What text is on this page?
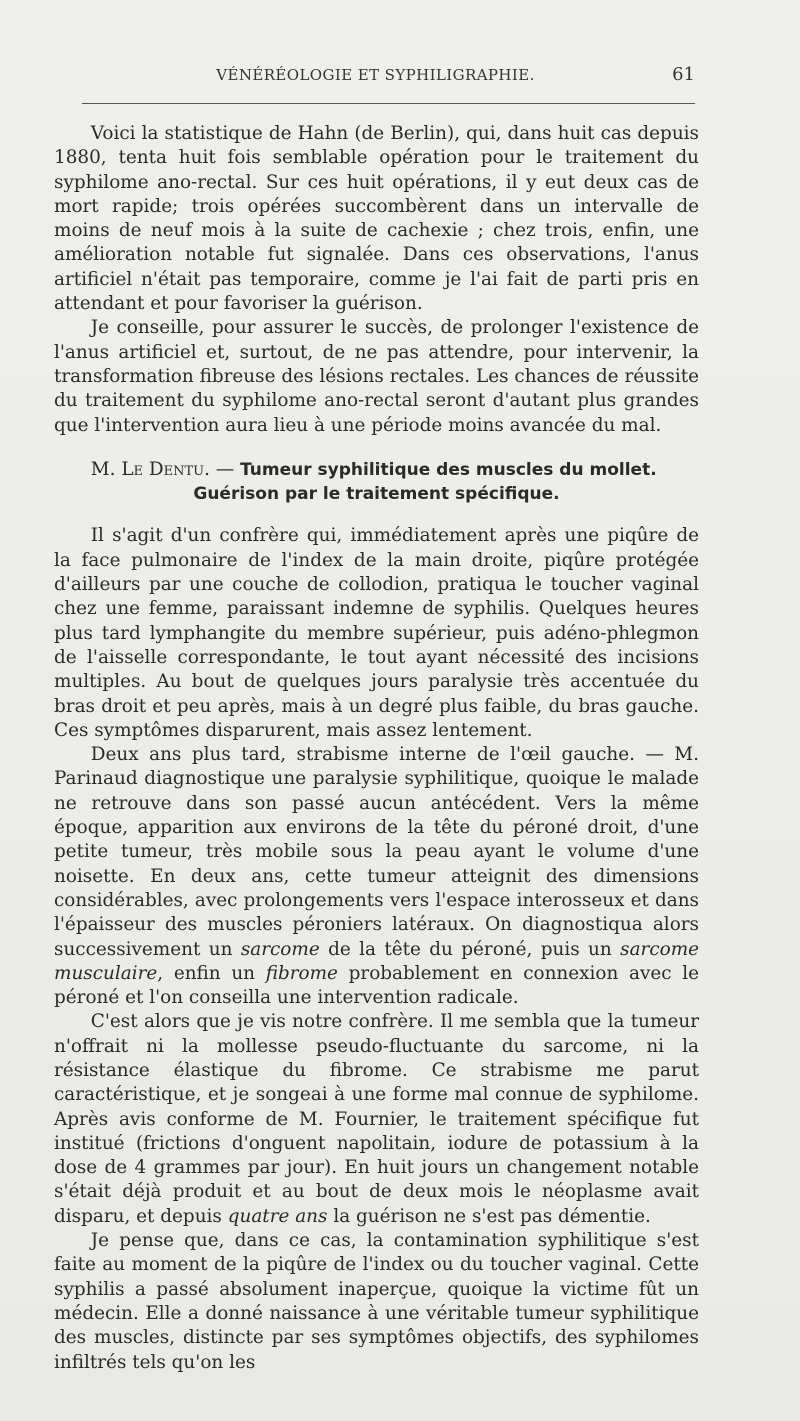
VÉNÉRÉOLOGIE ET SYPHILIGRAPHIE.	61

Voici la statistique de Hahn (de Berlin), qui, dans huit cas depuis 1880, tenta huit fois semblable opération pour le traitement du syphilome ano-rectal. Sur ces huit opérations, il y eut deux cas de mort rapide; trois opérées succombèrent dans un intervalle de moins de neuf mois à la suite de cachexie ; chez trois, enfin, une amélioration notable fut signalée. Dans ces observations, l'anus artificiel n'était pas temporaire, comme je l'ai fait de parti pris en attendant et pour favoriser la guérison.

Je conseille, pour assurer le succès, de prolonger l'existence de l'anus artificiel et, surtout, de ne pas attendre, pour intervenir, la transformation fibreuse des lésions rectales. Les chances de réussite du traitement du syphilome ano-rectal seront d'autant plus grandes que l'intervention aura lieu à une période moins avancée du mal.

M. Le Dentu. — Tumeur syphilitique des muscles du mollet.
Guérison par le traitement spécifique.

Il s'agit d'un confrère qui, immédiatement après une piqûre de la face pulmonaire de l'index de la main droite, piqûre protégée d'ailleurs par une couche de collodion, pratiqua le toucher vaginal chez une femme, paraissant indemne de syphilis. Quelques heures plus tard lymphangite du membre supérieur, puis adéno-phlegmon de l'aisselle correspondante, le tout ayant nécessité des incisions multiples. Au bout de quelques jours paralysie très accentuée du bras droit et peu après, mais à un degré plus faible, du bras gauche. Ces symptômes disparurent, mais assez lentement.

Deux ans plus tard, strabisme interne de l'œil gauche. — M. Parinaud diagnostique une paralysie syphilitique, quoique le malade ne retrouve dans son passé aucun antécédent. Vers la même époque, apparition aux environs de la tête du péroné droit, d'une petite tumeur, très mobile sous la peau ayant le volume d'une noisette. En deux ans, cette tumeur atteignit des dimensions considérables, avec prolongements vers l'espace interosseux et dans l'épaisseur des muscles péroniers latéraux. On diagnostiqua alors successivement un sarcome de la tête du péroné, puis un sarcome musculaire, enfin un fibrome probablement en connexion avec le péroné et l'on conseilla une intervention radicale.

C'est alors que je vis notre confrère. Il me sembla que la tumeur n'offrait ni la mollesse pseudo-fluctuante du sarcome, ni la résistance élastique du fibrome. Ce strabisme me parut caractéristique, et je songeai à une forme mal connue de syphilome. Après avis conforme de M. Fournier, le traitement spécifique fut institué (frictions d'onguent napolitain, iodure de potassium à la dose de 4 grammes par jour). En huit jours un changement notable s'était déjà produit et au bout de deux mois le néoplasme avait disparu, et depuis quatre ans la guérison ne s'est pas démentie.

Je pense que, dans ce cas, la contamination syphilitique s'est faite au moment de la piqûre de l'index ou du toucher vaginal. Cette syphilis a passé absolument inaperçue, quoique la victime fût un médecin. Elle a donné naissance à une véritable tumeur syphilitique des muscles, distincte par ses symptômes objectifs, des syphilomes infiltrés tels qu'on les
